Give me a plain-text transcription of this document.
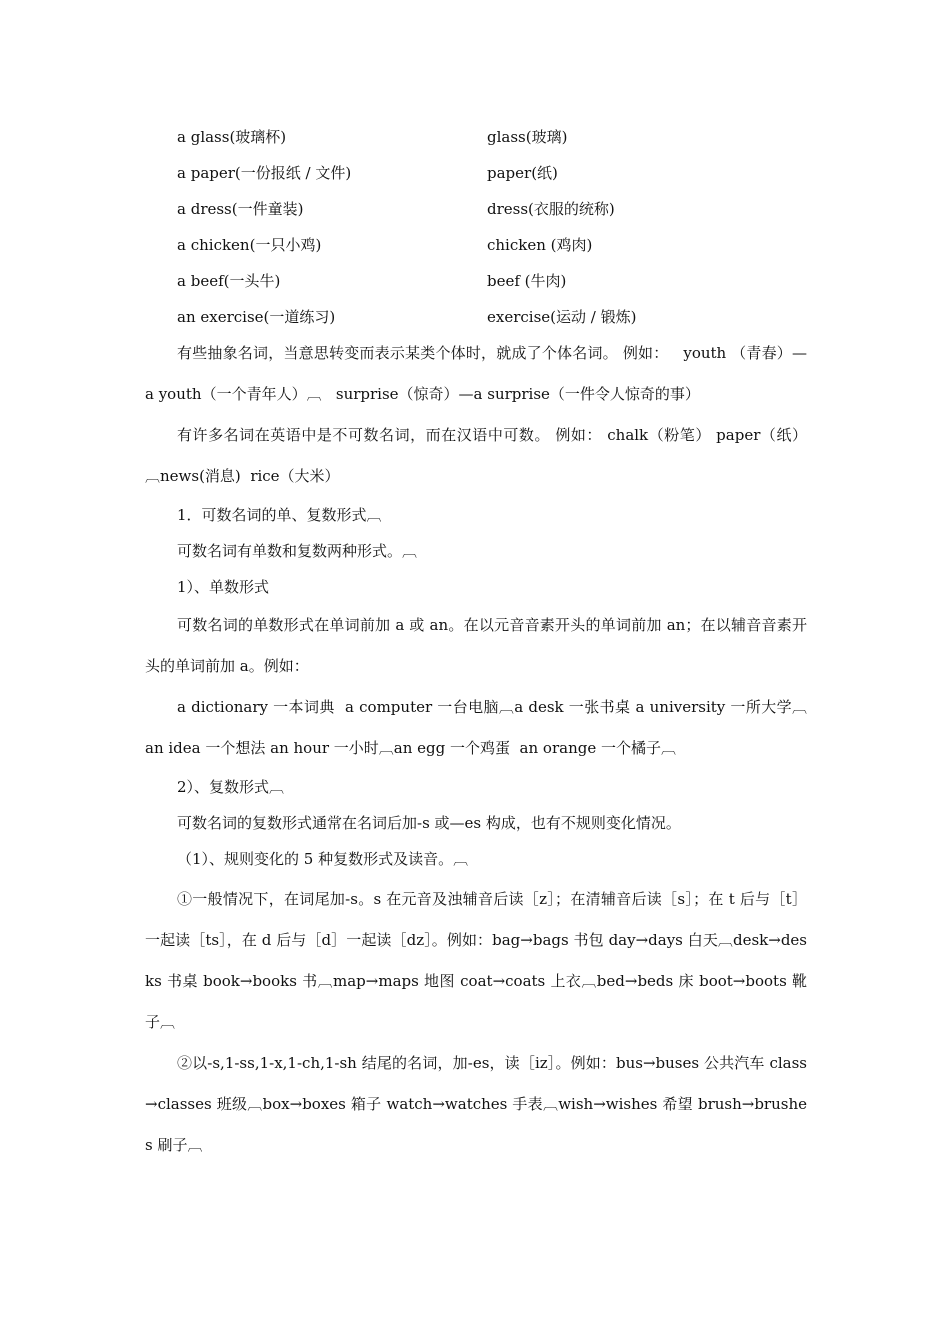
a glass(玻璃杯)	glass(玻璃)
a paper(一份报纸 / 文件)	paper(纸)
a dress(一件童装)	dress(衣服的统称)
a chicken(一只小鸡)	chicken (鸡肉)
a beef(一头牛)	beef (牛肉)
an exercise(一道练习)	exercise(运动 / 锻炼)

有些抽象名词，当意思转变而表示某类个体时，就成了个体名词。 例如：   youth （青春）—a youth（一个青年人）︹   surprise（惊奇）—a surprise（一件令人惊奇的事）

有许多名词在英语中是不可数名词，而在汉语中可数。 例如： chalk（粉笔） paper（纸）︹news(消息)  rice（大米）

1．可数名词的单、复数形式︹

可数名词有单数和复数两种形式。︹

1）、单数形式

可数名词的单数形式在单词前加 a 或 an。在以元音音素开头的单词前加 an；在以辅音音素开头的单词前加 a。例如：

a dictionary 一本词典  a computer 一台电脑︹a desk 一张书桌 a university 一所大学︹   an idea 一个想法 an hour 一小时︹an egg 一个鸡蛋  an orange 一个橘子︹

2）、复数形式︹

可数名词的复数形式通常在名词后加-s 或—es 构成，也有不规则变化情况。

（1）、规则变化的 5 种复数形式及读音。︹

①一般情况下，在词尾加-s。s 在元音及浊辅音后读［z］；在清辅音后读［s］；在 t 后与［t］一起读［ts］，在 d 后与［d］一起读［dz］。例如：bag→bags 书包 day→days 白天︹desk→desks 书桌 book→books 书︹map→maps 地图 coat→coats 上衣︹bed→beds 床 boot→boots 靴子︹

②以-s,1-ss,1-x,1-ch,1-sh 结尾的名词，加-es，读［iz］。例如：bus→buses 公共汽车 class→classes 班级︹box→boxes 箱子 watch→watches 手表︹wish→wishes 希望 brush→brushes 刷子︹
